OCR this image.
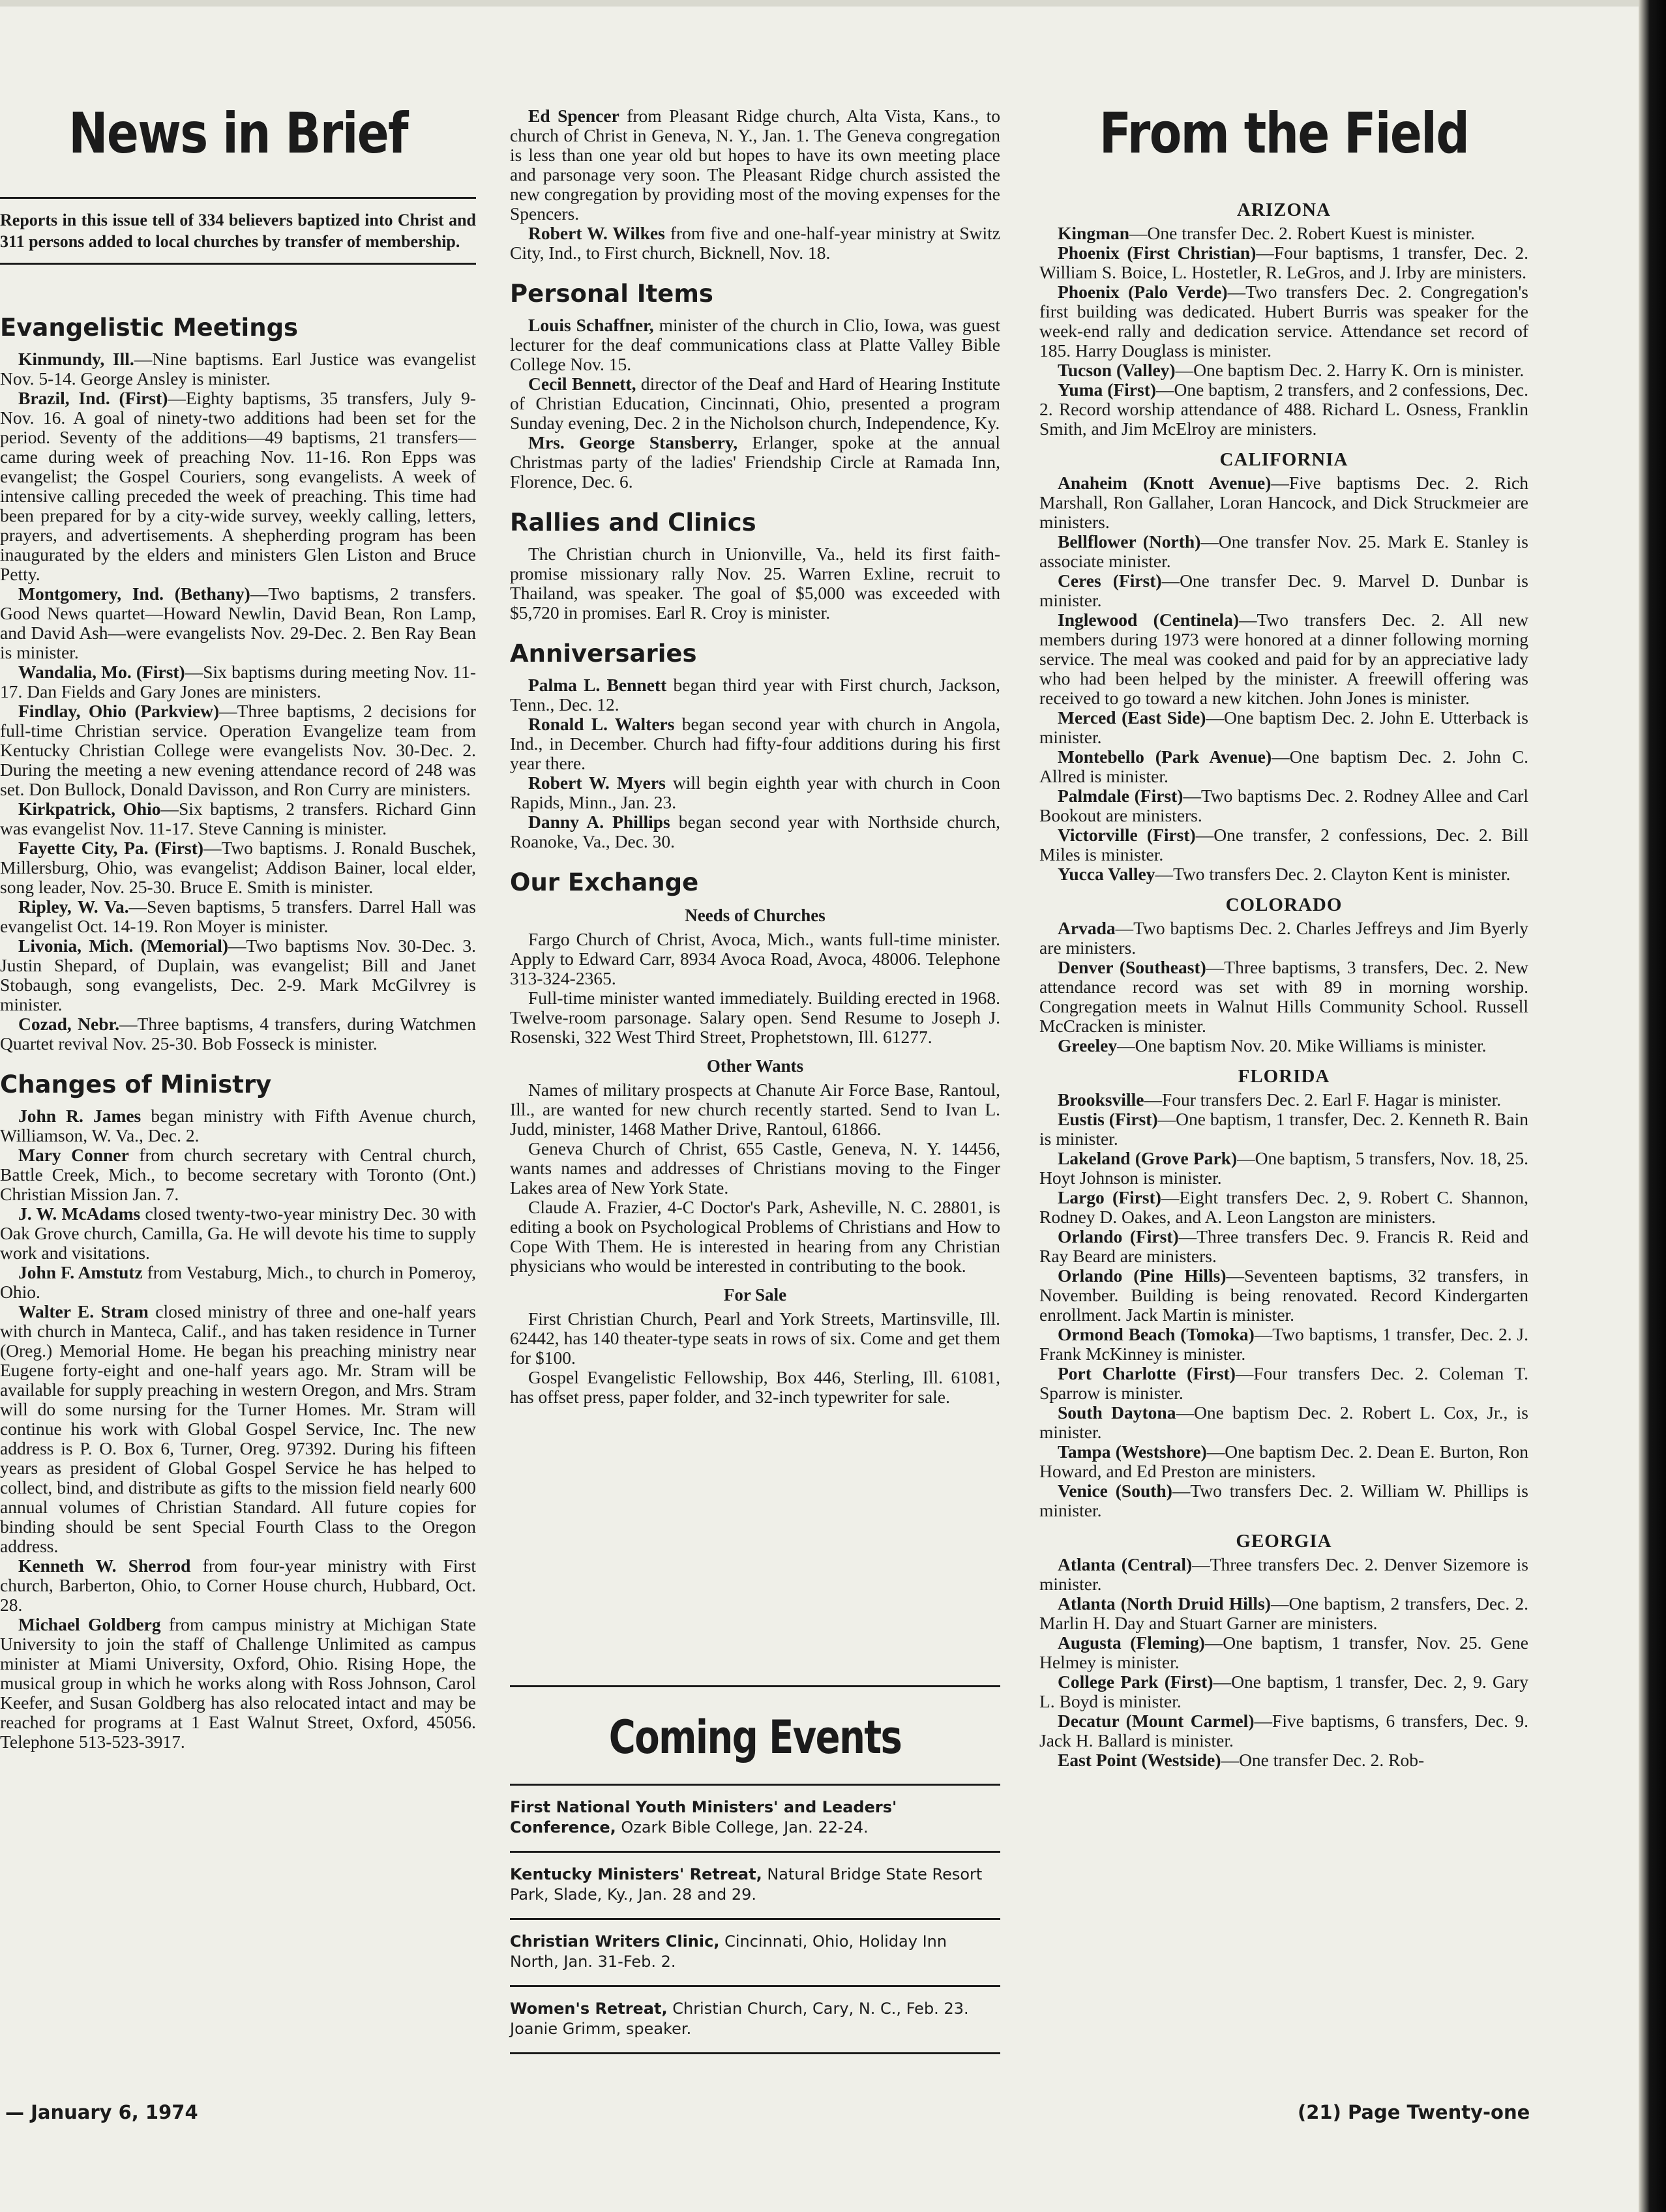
News in Brief
Reports in this issue tell of 334 believers baptized into Christ and 311 persons added to local churches by transfer of membership.
Evangelistic Meetings

Kinmundy, Ill.—Nine baptisms. Earl Justice was evangelist Nov. 5-14. George Ansley is minister.

Brazil, Ind. (First)—Eighty baptisms, 35 transfers, July 9-Nov. 16. A goal of ninety-two additions had been set for the period. Seventy of the additions—49 baptisms, 21 transfers—came during week of preaching Nov. 11-16. Ron Epps was evangelist; the Gospel Couriers, song evangelists. A week of intensive calling preceded the week of preaching. This time had been prepared for by a city-wide survey, weekly calling, letters, prayers, and advertisements. A shepherding program has been inaugurated by the elders and ministers Glen Liston and Bruce Petty.

Montgomery, Ind. (Bethany)—Two baptisms, 2 transfers. Good News quartet—Howard Newlin, David Bean, Ron Lamp, and David Ash—were evangelists Nov. 29-Dec. 2. Ben Ray Bean is minister.

Wandalia, Mo. (First)—Six baptisms during meeting Nov. 11-17. Dan Fields and Gary Jones are ministers.

Findlay, Ohio (Parkview)—Three baptisms, 2 decisions for full-time Christian service. Operation Evangelize team from Kentucky Christian College were evangelists Nov. 30-Dec. 2. During the meeting a new evening attendance record of 248 was set. Don Bullock, Donald Davisson, and Ron Curry are ministers.

Kirkpatrick, Ohio—Six baptisms, 2 transfers. Richard Ginn was evangelist Nov. 11-17. Steve Canning is minister.

Fayette City, Pa. (First)—Two baptisms. J. Ronald Buschek, Millersburg, Ohio, was evangelist; Addison Bainer, local elder, song leader, Nov. 25-30. Bruce E. Smith is minister.

Ripley, W. Va.—Seven baptisms, 5 transfers. Darrel Hall was evangelist Oct. 14-19. Ron Moyer is minister.

Livonia, Mich. (Memorial)—Two baptisms Nov. 30-Dec. 3. Justin Shepard, of Duplain, was evangelist; Bill and Janet Stobaugh, song evangelists, Dec. 2-9. Mark McGilvrey is minister.

Cozad, Nebr.—Three baptisms, 4 transfers, during Watchmen Quartet revival Nov. 25-30. Bob Fosseck is minister.

Changes of Ministry

John R. James began ministry with Fifth Avenue church, Williamson, W. Va., Dec. 2.

Mary Conner from church secretary with Central church, Battle Creek, Mich., to become secretary with Toronto (Ont.) Christian Mission Jan. 7.

J. W. McAdams closed twenty-two-year ministry Dec. 30 with Oak Grove church, Camilla, Ga. He will devote his time to supply work and visitations.

John F. Amstutz from Vestaburg, Mich., to church in Pomeroy, Ohio.

Walter E. Stram closed ministry of three and one-half years with church in Manteca, Calif., and has taken residence in Turner (Oreg.) Memorial Home. He began his preaching ministry near Eugene forty-eight and one-half years ago. Mr. Stram will be available for supply preaching in western Oregon, and Mrs. Stram will do some nursing for the Turner Homes. Mr. Stram will continue his work with Global Gospel Service, Inc. The new address is P. O. Box 6, Turner, Oreg. 97392. During his fifteen years as president of Global Gospel Service he has helped to collect, bind, and distribute as gifts to the mission field nearly 600 annual volumes of Christian Standard. All future copies for binding should be sent Special Fourth Class to the Oregon address.

Kenneth W. Sherrod from four-year ministry with First church, Barberton, Ohio, to Corner House church, Hubbard, Oct. 28.

Michael Goldberg from campus ministry at Michigan State University to join the staff of Challenge Unlimited as campus minister at Miami University, Oxford, Ohio. Rising Hope, the musical group in which he works along with Ross Johnson, Carol Keefer, and Susan Goldberg has also relocated intact and may be reached for programs at 1 East Walnut Street, Oxford, 45056. Telephone 513-523-3917.

Ed Spencer from Pleasant Ridge church, Alta Vista, Kans., to church of Christ in Geneva, N. Y., Jan. 1. The Geneva congregation is less than one year old but hopes to have its own meeting place and parsonage very soon. The Pleasant Ridge church assisted the new congregation by providing most of the moving expenses for the Spencers.

Robert W. Wilkes from five and one-half-year ministry at Switz City, Ind., to First church, Bicknell, Nov. 18.

Personal Items

Louis Schaffner, minister of the church in Clio, Iowa, was guest lecturer for the deaf communications class at Platte Valley Bible College Nov. 15.

Cecil Bennett, director of the Deaf and Hard of Hearing Institute of Christian Education, Cincinnati, Ohio, presented a program Sunday evening, Dec. 2 in the Nicholson church, Independence, Ky.

Mrs. George Stansberry, Erlanger, spoke at the annual Christmas party of the ladies' Friendship Circle at Ramada Inn, Florence, Dec. 6.

Rallies and Clinics

The Christian church in Unionville, Va., held its first faith-promise missionary rally Nov. 25. Warren Exline, recruit to Thailand, was speaker. The goal of $5,000 was exceeded with $5,720 in promises. Earl R. Croy is minister.

Anniversaries

Palma L. Bennett began third year with First church, Jackson, Tenn., Dec. 12.

Ronald L. Walters began second year with church in Angola, Ind., in December. Church had fifty-four additions during his first year there.

Robert W. Myers will begin eighth year with church in Coon Rapids, Minn., Jan. 23.

Danny A. Phillips began second year with Northside church, Roanoke, Va., Dec. 30.

Our Exchange
Needs of Churches

Fargo Church of Christ, Avoca, Mich., wants full-time minister. Apply to Edward Carr, 8934 Avoca Road, Avoca, 48006. Telephone 313-324-2365.

Full-time minister wanted immediately. Building erected in 1968. Twelve-room parsonage. Salary open. Send Resume to Joseph J. Rosenski, 322 West Third Street, Prophetstown, Ill. 61277.

Other Wants

Names of military prospects at Chanute Air Force Base, Rantoul, Ill., are wanted for new church recently started. Send to Ivan L. Judd, minister, 1468 Mather Drive, Rantoul, 61866.

Geneva Church of Christ, 655 Castle, Geneva, N. Y. 14456, wants names and addresses of Christians moving to the Finger Lakes area of New York State.

Claude A. Frazier, 4-C Doctor's Park, Asheville, N. C. 28801, is editing a book on Psychological Problems of Christians and How to Cope With Them. He is interested in hearing from any Christian physicians who would be interested in contributing to the book.

For Sale

First Christian Church, Pearl and York Streets, Martinsville, Ill. 62442, has 140 theater-type seats in rows of six. Come and get them for $100.

Gospel Evangelistic Fellowship, Box 446, Sterling, Ill. 61081, has offset press, paper folder, and 32-inch typewriter for sale.

Coming Events
First National Youth Ministers' and Leaders' Conference, Ozark Bible College, Jan. 22-24.
Kentucky Ministers' Retreat, Natural Bridge State Resort Park, Slade, Ky., Jan. 28 and 29.
Christian Writers Clinic, Cincinnati, Ohio, Holiday Inn North, Jan. 31-Feb. 2.
Women's Retreat, Christian Church, Cary, N. C., Feb. 23. Joanie Grimm, speaker.
From the Field
ARIZONA

Kingman—One transfer Dec. 2. Robert Kuest is minister.

Phoenix (First Christian)—Four baptisms, 1 transfer, Dec. 2. William S. Boice, L. Hostetler, R. LeGros, and J. Irby are ministers.

Phoenix (Palo Verde)—Two transfers Dec. 2. Congregation's first building was dedicated. Hubert Burris was speaker for the week-end rally and dedication service. Attendance set record of 185. Harry Douglass is minister.

Tucson (Valley)—One baptism Dec. 2. Harry K. Orn is minister.

Yuma (First)—One baptism, 2 transfers, and 2 confessions, Dec. 2. Record worship attendance of 488. Richard L. Osness, Franklin Smith, and Jim McElroy are ministers.

CALIFORNIA

Anaheim (Knott Avenue)—Five baptisms Dec. 2. Rich Marshall, Ron Gallaher, Loran Hancock, and Dick Struckmeier are ministers.

Bellflower (North)—One transfer Nov. 25. Mark E. Stanley is associate minister.

Ceres (First)—One transfer Dec. 9. Marvel D. Dunbar is minister.

Inglewood (Centinela)—Two transfers Dec. 2. All new members during 1973 were honored at a dinner following morning service. The meal was cooked and paid for by an appreciative lady who had been helped by the minister. A freewill offering was received to go toward a new kitchen. John Jones is minister.

Merced (East Side)—One baptism Dec. 2. John E. Utterback is minister.

Montebello (Park Avenue)—One baptism Dec. 2. John C. Allred is minister.

Palmdale (First)—Two baptisms Dec. 2. Rodney Allee and Carl Bookout are ministers.

Victorville (First)—One transfer, 2 confessions, Dec. 2. Bill Miles is minister.

Yucca Valley—Two transfers Dec. 2. Clayton Kent is minister.

COLORADO

Arvada—Two baptisms Dec. 2. Charles Jeffreys and Jim Byerly are ministers.

Denver (Southeast)—Three baptisms, 3 transfers, Dec. 2. New attendance record was set with 89 in morning worship. Congregation meets in Walnut Hills Community School. Russell McCracken is minister.

Greeley—One baptism Nov. 20. Mike Williams is minister.

FLORIDA

Brooksville—Four transfers Dec. 2. Earl F. Hagar is minister.

Eustis (First)—One baptism, 1 transfer, Dec. 2. Kenneth R. Bain is minister.

Lakeland (Grove Park)—One baptism, 5 transfers, Nov. 18, 25. Hoyt Johnson is minister.

Largo (First)—Eight transfers Dec. 2, 9. Robert C. Shannon, Rodney D. Oakes, and A. Leon Langston are ministers.

Orlando (First)—Three transfers Dec. 9. Francis R. Reid and Ray Beard are ministers.

Orlando (Pine Hills)—Seventeen baptisms, 32 transfers, in November. Building is being renovated. Record Kindergarten enrollment. Jack Martin is minister.

Ormond Beach (Tomoka)—Two baptisms, 1 transfer, Dec. 2. J. Frank McKinney is minister.

Port Charlotte (First)—Four transfers Dec. 2. Coleman T. Sparrow is minister.

South Daytona—One baptism Dec. 2. Robert L. Cox, Jr., is minister.

Tampa (Westshore)—One baptism Dec. 2. Dean E. Burton, Ron Howard, and Ed Preston are ministers.

Venice (South)—Two transfers Dec. 2. William W. Phillips is minister.

GEORGIA

Atlanta (Central)—Three transfers Dec. 2. Denver Sizemore is minister.

Atlanta (North Druid Hills)—One baptism, 2 transfers, Dec. 2. Marlin H. Day and Stuart Garner are ministers.

Augusta (Fleming)—One baptism, 1 transfer, Nov. 25. Gene Helmey is minister.

College Park (First)—One baptism, 1 transfer, Dec. 2, 9. Gary L. Boyd is minister.

Decatur (Mount Carmel)—Five baptisms, 6 transfers, Dec. 9. Jack H. Ballard is minister.

East Point (Westside)—One transfer Dec. 2. Rob-

— January 6, 1974	(21) Page Twenty-one
